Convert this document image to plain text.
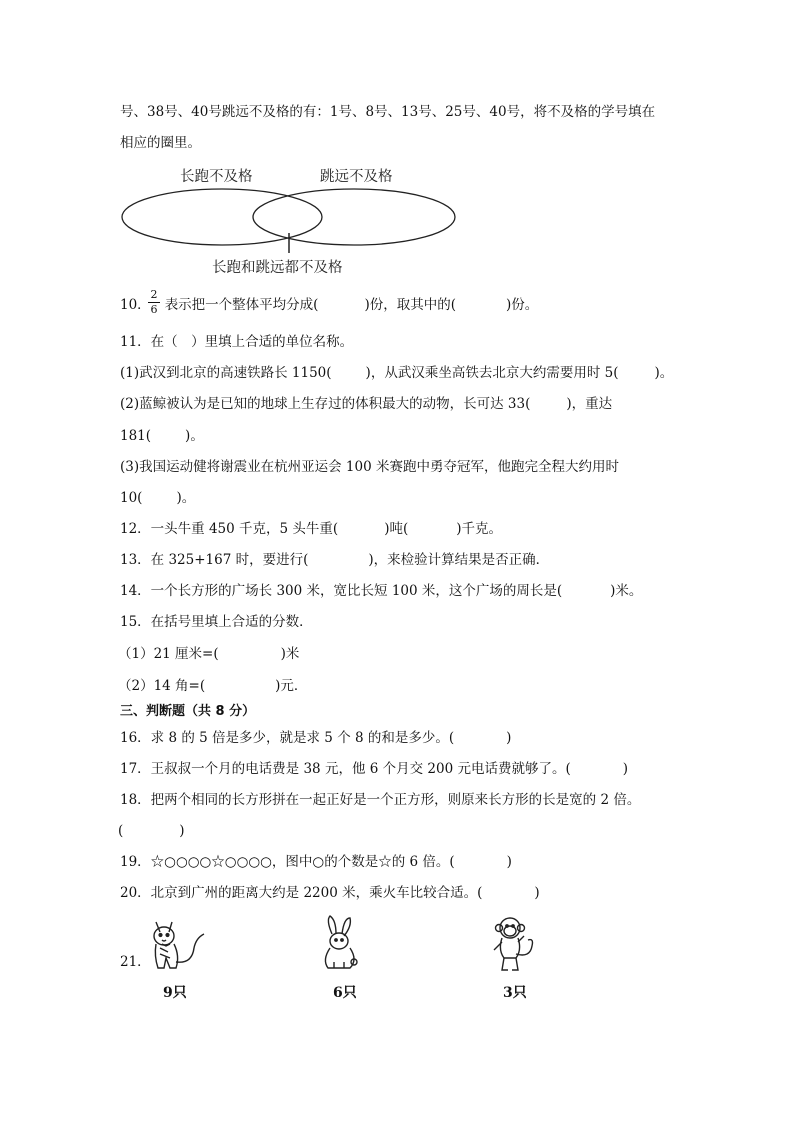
号、38号、40号跳远不及格的有：1号、8号、13号、25号、40号，将不及格的学号填在
相应的圈里。
长跑不及格	跳远不及格
长跑和跳远都不及格
10． 表示把一个整体平均分成(	)份，取其中的(	)份。
2
6
11．在（　）里填上合适的单位名称。
(1)武汉到北京的高速铁路长 1150(	)，从武汉乘坐高铁去北京大约需要用时 5(	)。
(2)蓝鲸被认为是已知的地球上生存过的体积最大的动物，长可达 33(	)，重达
181(	)。
(3)我国运动健将谢震业在杭州亚运会 100 米赛跑中勇夺冠军，他跑完全程大约用时
10(	)。
12．一头牛重 450 千克，5 头牛重(	)吨(	)千克。
13．在 325+167 时，要进行(	)，来检验计算结果是否正确．
14．一个长方形的广场长 300 米，宽比长短 100 米，这个广场的周长是(	)米。
15．在括号里填上合适的分数．
（1）21 厘米=(	)米
（2）14 角=(	)元．
三、判断题（共 8 分）
16．求 8 的 5 倍是多少，就是求 5 个 8 的和是多少。(	)
17．王叔叔一个月的电话费是 38 元，他 6 个月交 200 元电话费就够了。(	)
18．把两个相同的长方形拼在一起正好是一个正方形，则原来长方形的长是宽的 2 倍。
(	)
19．☆○○○○☆○○○○，图中○的个数是☆的 6 倍。(	)
20．北京到广州的距离大约是 2200 米，乘火车比较合适。(	)
21．
9只	6只	3只
